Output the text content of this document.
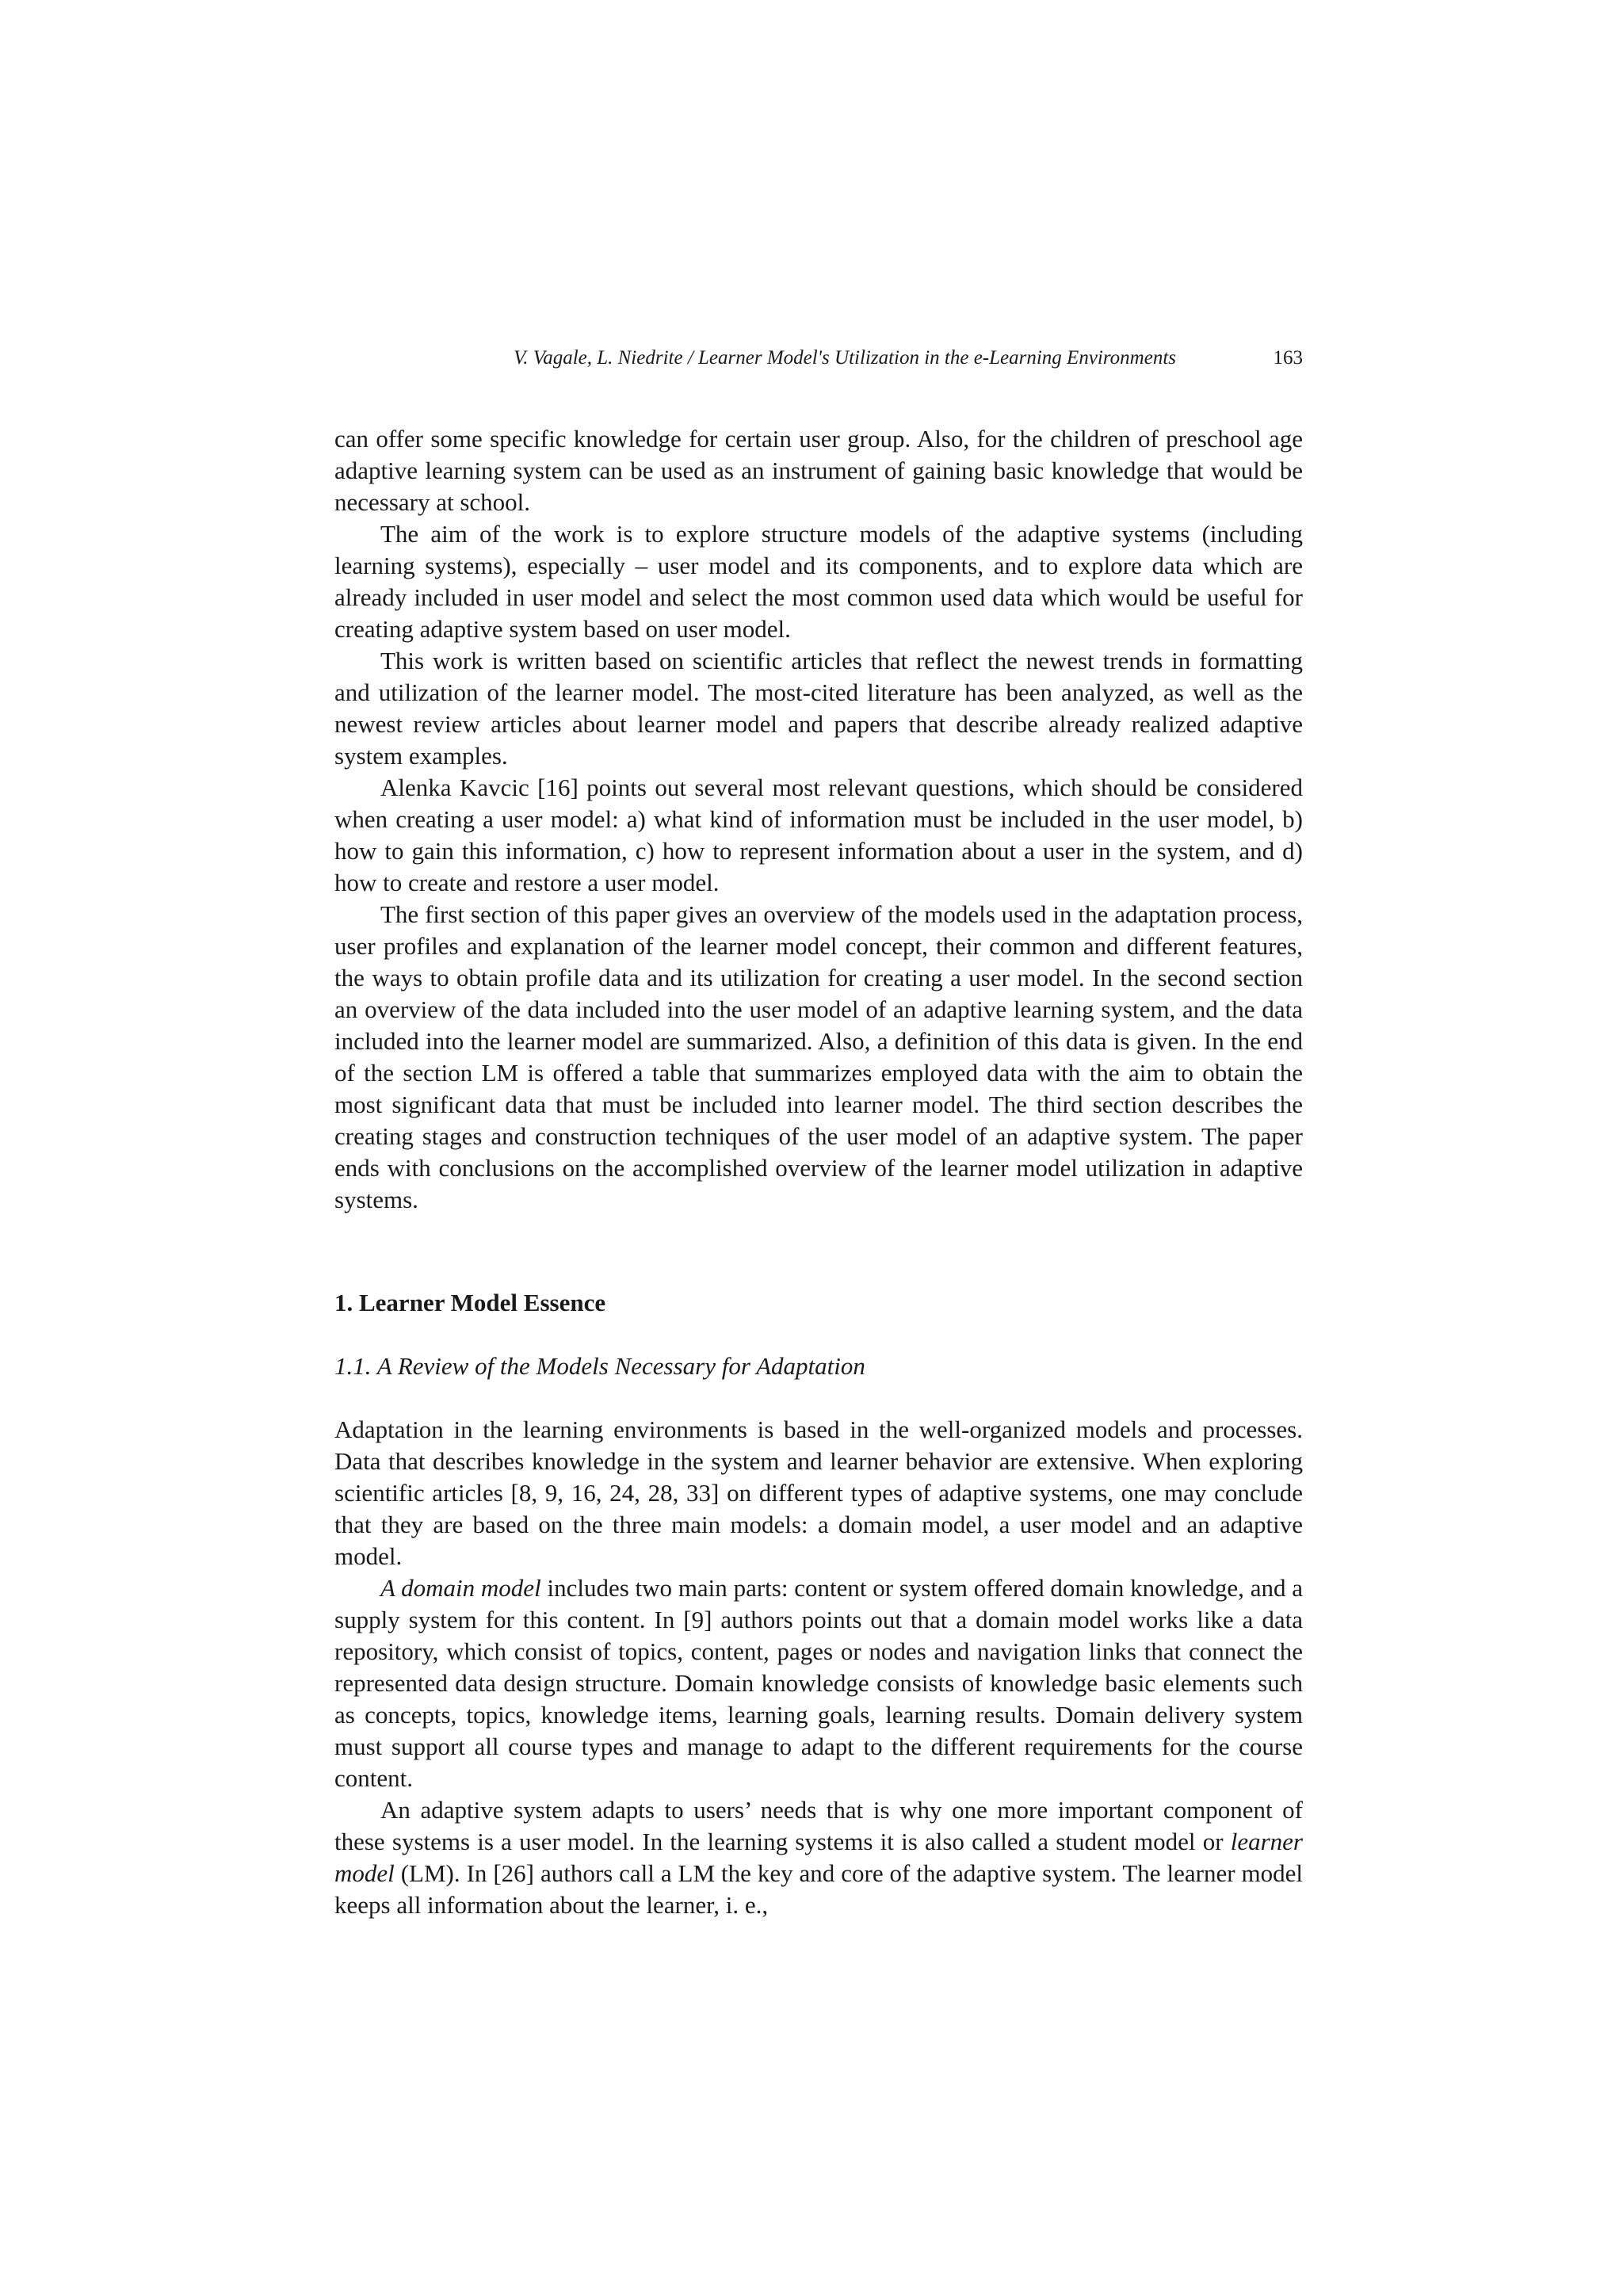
V. Vagale, L. Niedrite / Learner Model's Utilization in the e-Learning Environments	163

can offer some specific knowledge for certain user group. Also, for the children of preschool age adaptive learning system can be used as an instrument of gaining basic knowledge that would be necessary at school.

The aim of the work is to explore structure models of the adaptive systems (including learning systems), especially – user model and its components, and to explore data which are already included in user model and select the most common used data which would be useful for creating adaptive system based on user model.

This work is written based on scientific articles that reflect the newest trends in formatting and utilization of the learner model. The most-cited literature has been analyzed, as well as the newest review articles about learner model and papers that describe already realized adaptive system examples.

Alenka Kavcic [16] points out several most relevant questions, which should be considered when creating a user model: a) what kind of information must be included in the user model, b) how to gain this information, c) how to represent information about a user in the system, and d) how to create and restore a user model.

The first section of this paper gives an overview of the models used in the adaptation process, user profiles and explanation of the learner model concept, their common and different features, the ways to obtain profile data and its utilization for creating a user model. In the second section an overview of the data included into the user model of an adaptive learning system, and the data included into the learner model are summarized. Also, a definition of this data is given. In the end of the section LM is offered a table that summarizes employed data with the aim to obtain the most significant data that must be included into learner model. The third section describes the creating stages and construction techniques of the user model of an adaptive system. The paper ends with conclusions on the accomplished overview of the learner model utilization in adaptive systems.

1. Learner Model Essence
1.1. A Review of the Models Necessary for Adaptation

Adaptation in the learning environments is based in the well-organized models and processes. Data that describes knowledge in the system and learner behavior are extensive. When exploring scientific articles [8, 9, 16, 24, 28, 33] on different types of adaptive systems, one may conclude that they are based on the three main models: a domain model, a user model and an adaptive model.

A domain model includes two main parts: content or system offered domain knowledge, and a supply system for this content. In [9] authors points out that a domain model works like a data repository, which consist of topics, content, pages or nodes and navigation links that connect the represented data design structure. Domain knowledge consists of knowledge basic elements such as concepts, topics, knowledge items, learning goals, learning results. Domain delivery system must support all course types and manage to adapt to the different requirements for the course content.

An adaptive system adapts to users’ needs that is why one more important component of these systems is a user model. In the learning systems it is also called a student model or learner model (LM). In [26] authors call a LM the key and core of the adaptive system. The learner model keeps all information about the learner, i. e.,
